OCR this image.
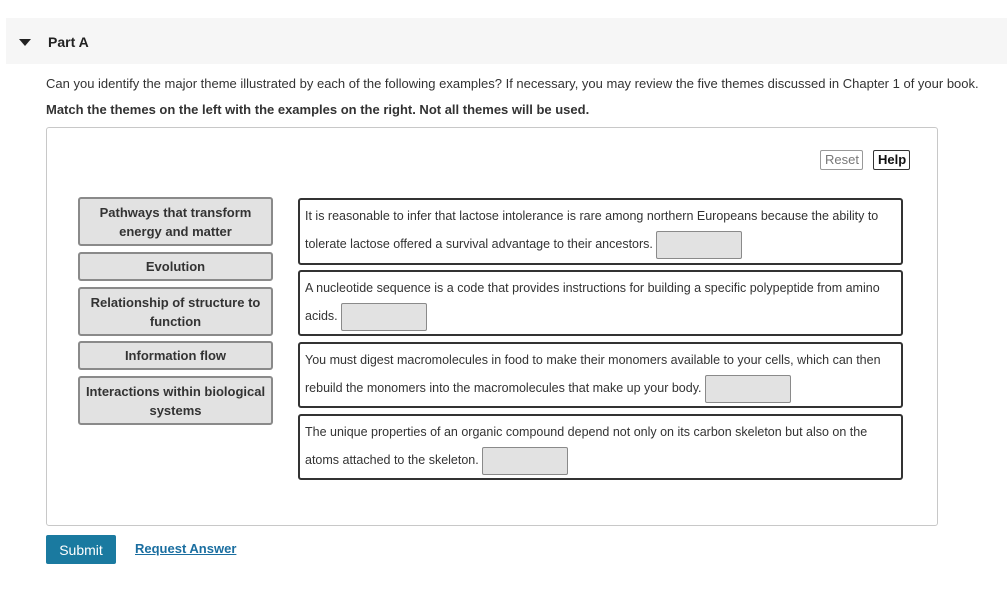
Part A
Can you identify the major theme illustrated by each of the following examples? If necessary, you may review the five themes discussed in Chapter 1 of your book.
Match the themes on the left with the examples on the right. Not all themes will be used.
Reset	Help
Pathways that transform energy and matter
Evolution
Relationship of structure to function
Information flow
Interactions within biological systems
It is reasonable to infer that lactose intolerance is rare among northern Europeans because the ability to tolerate lactose offered a survival advantage to their ancestors.
A nucleotide sequence is a code that provides instructions for building a specific polypeptide from amino acids.
You must digest macromolecules in food to make their monomers available to your cells, which can then rebuild the monomers into the macromolecules that make up your body.
The unique properties of an organic compound depend not only on its carbon skeleton but also on the atoms attached to the skeleton.
Submit	Request Answer
